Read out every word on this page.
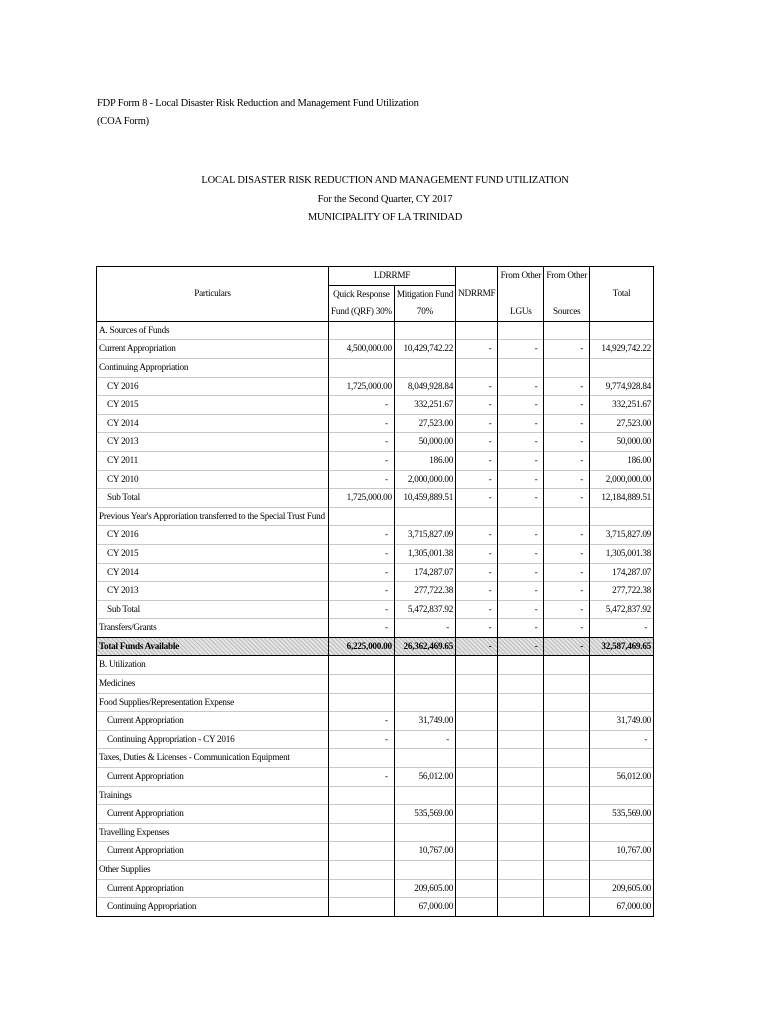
FDP Form 8 - Local Disaster Risk Reduction and Management Fund Utilization
(COA Form)
LOCAL DISASTER RISK REDUCTION AND MANAGEMENT FUND UTILIZATION
For the Second Quarter, CY 2017
MUNICIPALITY OF LA TRINIDAD
	LDRRMF			From Other	From Other	
Particulars	Quick Response	Mitigation Fund	NDRRMF			Total
	Fund (QRF) 30%	70%		LGUs	Sources	
A. Sources of Funds						
Current Appropriation	4,500,000.00	10,429,742.22	-	-	-	14,929,742.22
Continuing Appropriation						
CY 2016	1,725,000.00	8,049,928.84	-	-	-	9,774,928.84
CY 2015	-	332,251.67	-	-	-	332,251.67
CY 2014	-	27,523.00	-	-	-	27,523.00
CY 2013	-	50,000.00	-	-	-	50,000.00
CY 2011	-	186.00	-	-	-	186.00
CY 2010	-	2,000,000.00	-	-	-	2,000,000.00
Sub Total	1,725,000.00	10,459,889.51	-	-	-	12,184,889.51
Previous Year's Approriation transferred to the Special Trust Fund						
CY 2016	-	3,715,827.09	-	-	-	3,715,827.09
CY 2015	-	1,305,001.38	-	-	-	1,305,001.38
CY 2014	-	174,287.07	-	-	-	174,287.07
CY 2013	-	277,722.38	-	-	-	277,722.38
Sub Total	-	5,472,837.92	-	-	-	5,472,837.92
Transfers/Grants	-	-	-	-	-	-
Total Funds Available	6,225,000.00	26,362,469.65	-	-	-	32,587,469.65
B. Utilization						
Medicines						
Food Supplies/Representation Expense						
Current Appropriation	-	31,749.00				31,749.00
Continuing Appropriation - CY 2016	-	-				-
Taxes, Duties & Licenses - Communication Equipment						
Current Appropriation	-	56,012.00				56,012.00
Trainings						
Current Appropriation		535,569.00				535,569.00
Travelling Expenses						
Current Appropriation		10,767.00				10,767.00
Other Supplies						
Current Appropriation		209,605.00				209,605.00
Continuing Appropriation		67,000.00				67,000.00
